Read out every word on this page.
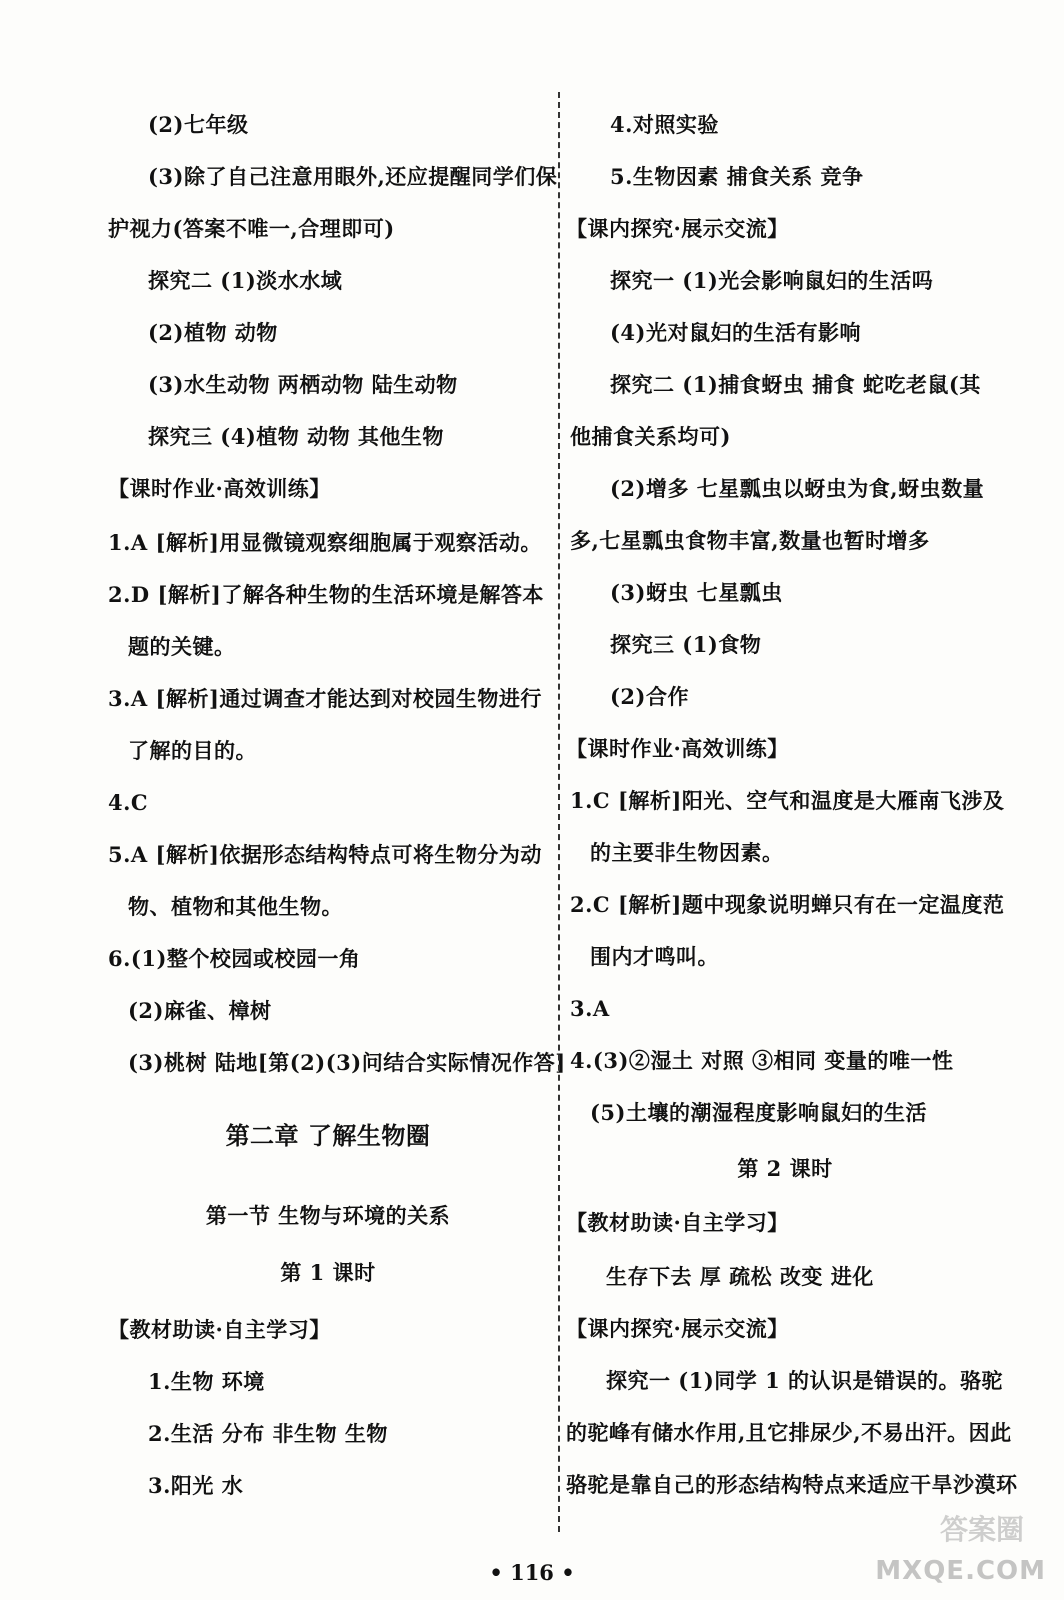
(2)七年级
(3)除了自己注意用眼外,还应提醒同学们保
护视力(答案不唯一,合理即可)
探究二 (1)淡水水域
(2)植物 动物
(3)水生动物 两栖动物 陆生动物
探究三 (4)植物 动物 其他生物
【课时作业·高效训练】
1.A [解析]用显微镜观察细胞属于观察活动。
2.D [解析]了解各种生物的生活环境是解答本
题的关键。
3.A [解析]通过调查才能达到对校园生物进行
了解的目的。
4.C
5.A [解析]依据形态结构特点可将生物分为动
物、植物和其他生物。
6.(1)整个校园或校园一角
(2)麻雀、樟树
(3)桃树 陆地[第(2)(3)问结合实际情况作答]
第二章 了解生物圈
第一节 生物与环境的关系
第 1 课时
【教材助读·自主学习】
1.生物 环境
2.生活 分布 非生物 生物
3.阳光 水
4.对照实验
5.生物因素 捕食关系 竞争
【课内探究·展示交流】
探究一 (1)光会影响鼠妇的生活吗
(4)光对鼠妇的生活有影响
探究二 (1)捕食蚜虫 捕食 蛇吃老鼠(其
他捕食关系均可)
(2)增多 七星瓢虫以蚜虫为食,蚜虫数量
多,七星瓢虫食物丰富,数量也暂时增多
(3)蚜虫 七星瓢虫
探究三 (1)食物
(2)合作
【课时作业·高效训练】
1.C [解析]阳光、空气和温度是大雁南飞涉及
的主要非生物因素。
2.C [解析]题中现象说明蝉只有在一定温度范
围内才鸣叫。
3.A
4.(3)②湿土 对照 ③相同 变量的唯一性
(5)土壤的潮湿程度影响鼠妇的生活
第 2 课时
【教材助读·自主学习】
生存下去 厚 疏松 改变 进化
【课内探究·展示交流】
探究一 (1)同学 1 的认识是错误的。骆驼
的驼峰有储水作用,且它排尿少,不易出汗。因此
骆驼是靠自己的形态结构特点来适应干旱沙漠环
• 116 •
答案圈
MXQE.COM
